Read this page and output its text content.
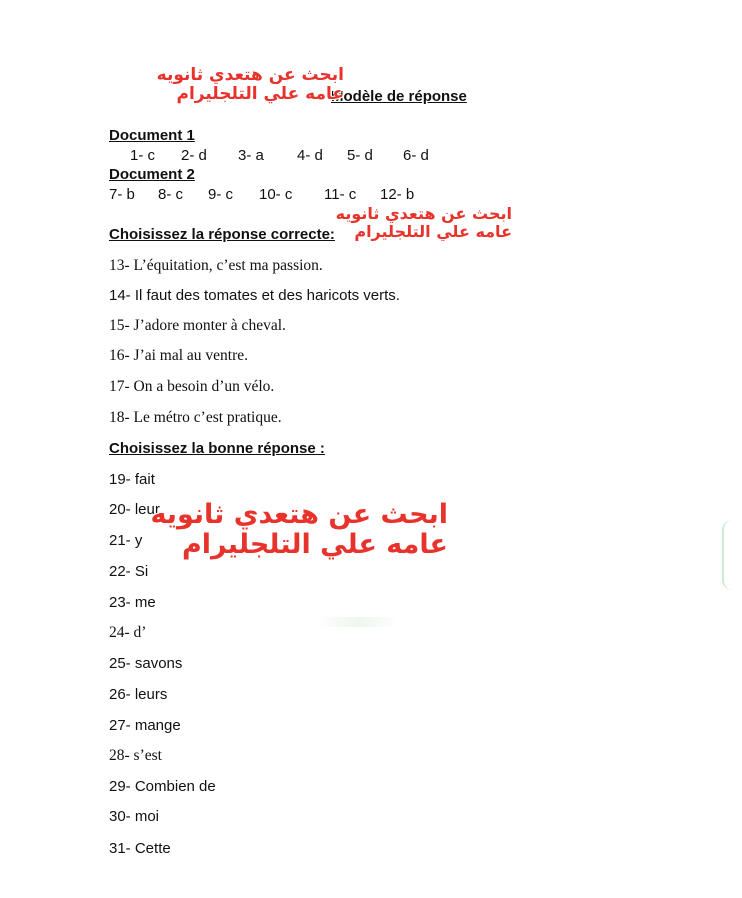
Modèle de réponse
Document 1
1- c 2- d 3- a 4- d 5- d 6- d
Document 2
7- b 8- c 9- c 10- c 11- c 12- b
Choisissez la réponse correcte:
13- L’équitation, c’est ma passion.
14- Il faut des tomates et des haricots verts.
15- J’adore monter à cheval.
16- J’ai mal au ventre.
17- On a besoin d’un vélo.
18- Le métro c’est pratique.
Choisissez la bonne réponse :
19- fait
20- leur
21- y
22- Si
23- me
24- d’
25- savons
26- leurs
27- mange
28- s’est
29- Combien de
30- moi
31- Cette
ابحث عن هتعدي ثانويه
عامه علي التلجليرام
ابحث عن هتعدي ثانويه
عامه علي التلجليرام
ابحث عن هتعدي ثانويه
عامه علي التلجليرام
